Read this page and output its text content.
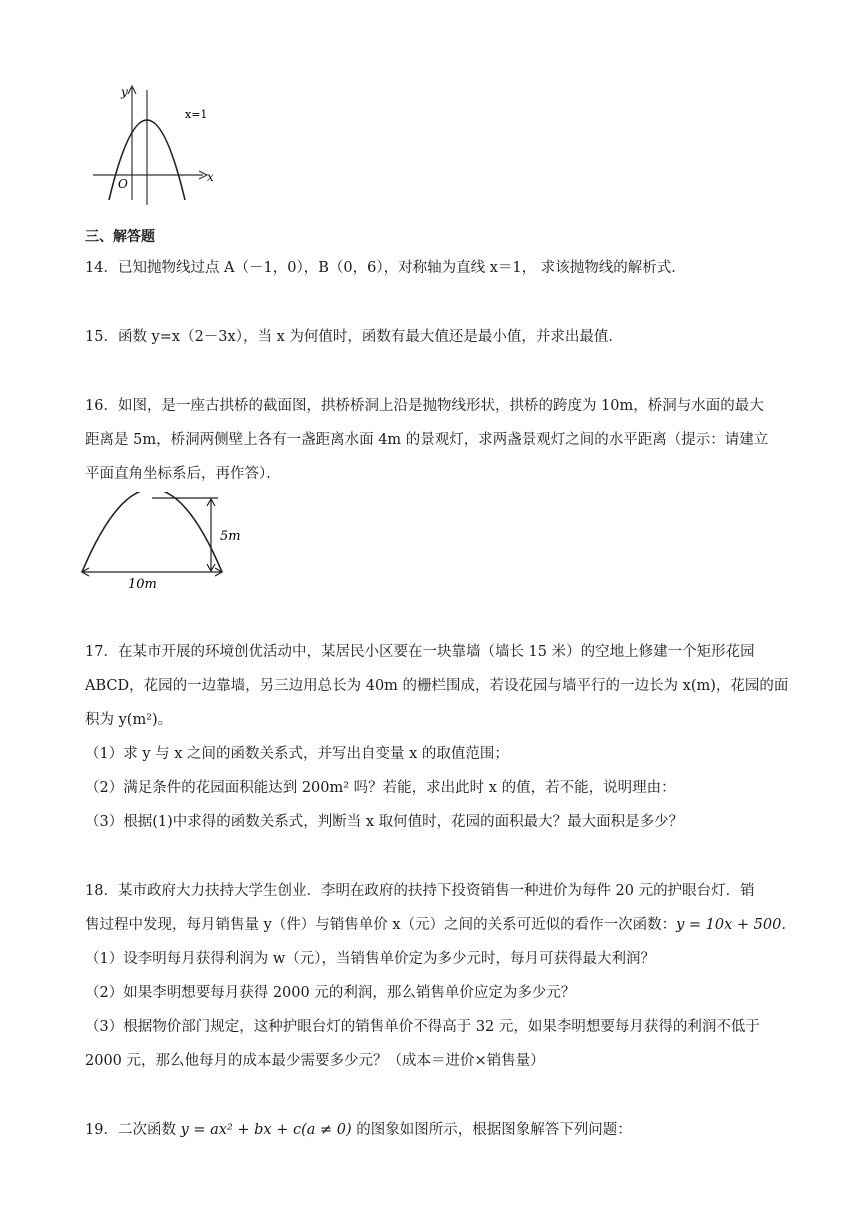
y
x
x=1
O
三、解答题
14．已知抛物线过点 A（－1，0），B（0，6），对称轴为直线 x＝1， 求该抛物线的解析式．
15．函数 y=x（2－3x），当 x 为何值时，函数有最大值还是最小值，并求出最值．
16．如图，是一座古拱桥的截面图，拱桥桥洞上沿是抛物线形状，拱桥的跨度为 10m，桥洞与水面的最大
距离是 5m，桥洞两侧壁上各有一盏距离水面 4m 的景观灯，求两盏景观灯之间的水平距离（提示：请建立
平面直角坐标系后，再作答）．
5m
10m
17．在某市开展的环境创优活动中，某居民小区要在一块靠墙（墙长 15 米）的空地上修建一个矩形花园
ABCD，花园的一边靠墙，另三边用总长为 40m 的栅栏围成，若设花园与墙平行的一边长为 x(m)，花园的面
积为 y(m²)。
（1）求 y 与 x 之间的函数关系式，并写出自变量 x 的取值范围；
（2）满足条件的花园面积能达到 200m² 吗？若能，求出此时 x 的值，若不能，说明理由：
（3）根据(1)中求得的函数关系式，判断当 x 取何值时，花园的面积最大？最大面积是多少？
18．某市政府大力扶持大学生创业．李明在政府的扶持下投资销售一种进价为每件 20 元的护眼台灯．销
售过程中发现，每月销售量 y（件）与销售单价 x（元）之间的关系可近似的看作一次函数：y = 10x + 500.
（1）设李明每月获得利润为 w（元），当销售单价定为多少元时，每月可获得最大利润？
（2）如果李明想要每月获得 2000 元的利润，那么销售单价应定为多少元？
（3）根据物价部门规定，这种护眼台灯的销售单价不得高于 32 元，如果李明想要每月获得的利润不低于
2000 元，那么他每月的成本最少需要多少元？（成本＝进价×销售量）
19．二次函数 y = ax² + bx + c(a ≠ 0) 的图象如图所示，根据图象解答下列问题：
